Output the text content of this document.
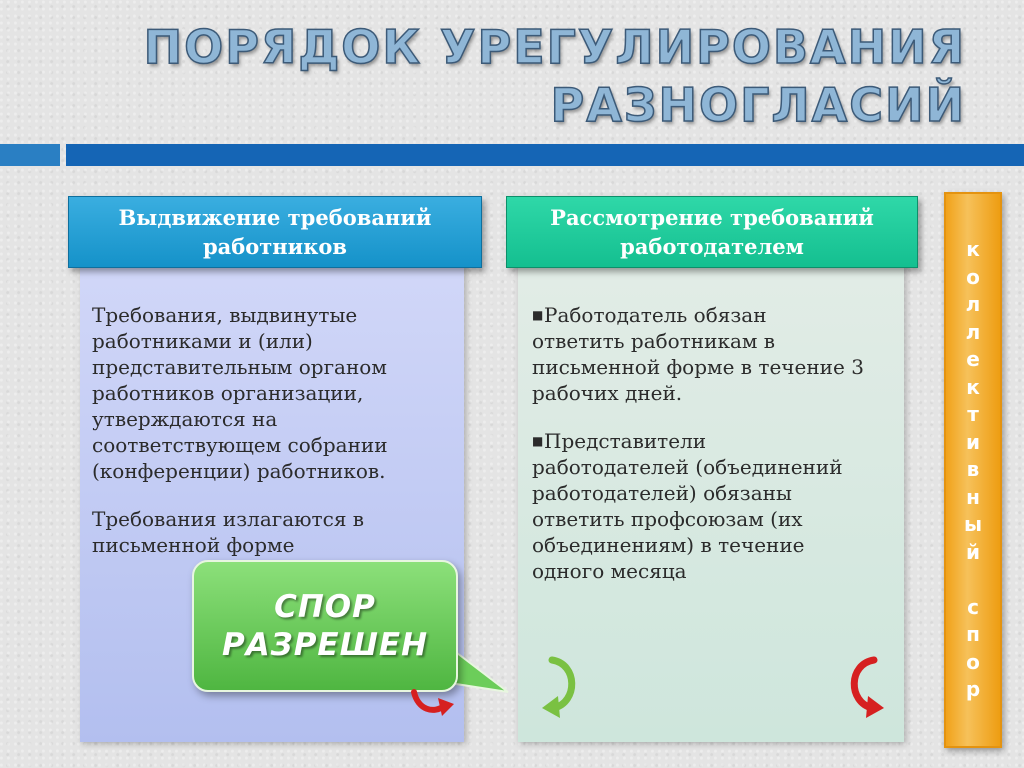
ПОРЯДОК УРЕГУЛИРОВАНИЯ
РАЗНОГЛАСИЙ
Выдвижение требований
работников
Рассмотрение требований
работодателем

Требования, выдвинутые
работниками и (или)
представительным органом
работников организации,
утверждаются на
соответствующем собрании
(конференции) работников.

Требования излагаются в
письменной форме

■Работодатель обязан
ответить работникам в
письменной форме в течение 3
рабочих дней.

■Представители
работодателей (объединений
работодателей) обязаны
ответить профсоюзам (их
объединениям) в течение
одного месяца

к
о
л
л
е
к
т
и
в
н
ы
й
с
п
о
р
СПОР
РАЗРЕШЕН
